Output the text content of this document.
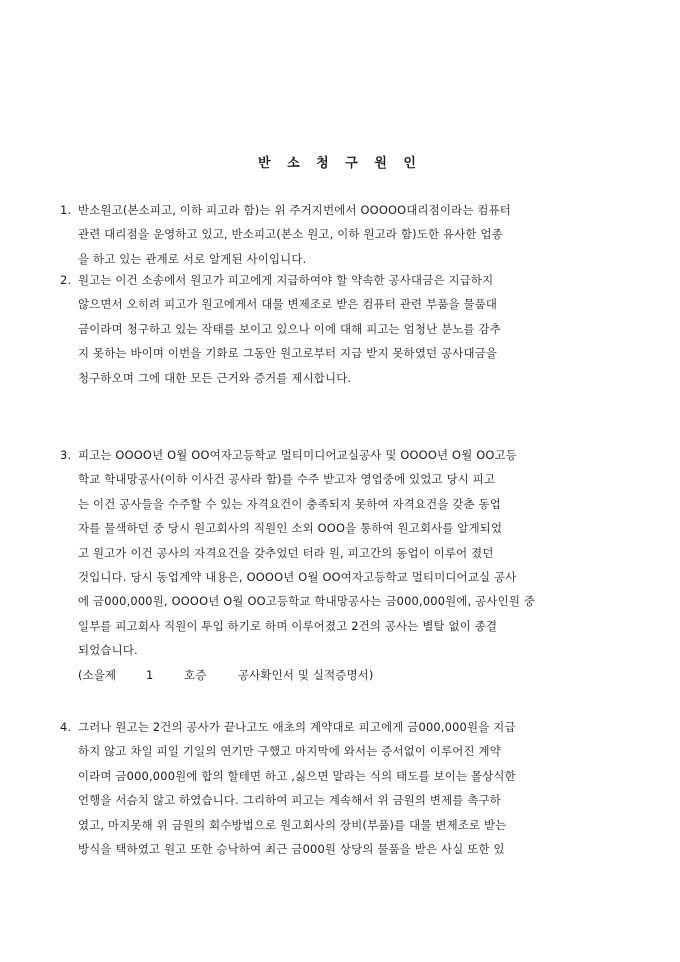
반 소 청 구 원 인
1. 반소원고(본소피고, 이하 피고라 함)는 위 주거지번에서 OOOOO대리점이라는 컴퓨터
관련 대리점을 운영하고 있고, 반소피고(본소 원고, 이하 원고라 함)도한 유사한 업종
을 하고 있는 관계로 서로 알게된 사이입니다.
2. 원고는 이건 소송에서 원고가 피고에게 지급하여야 할 약속한 공사대금은 지급하지
않으면서 오히려 피고가 원고에게서 대물 변제조로 받은 컴퓨터 관련 부품을 물품대
금이라며 청구하고 있는 작태를 보이고 있으나 이에 대해 피고는 엄청난 분노를 감추
지 못하는 바이며 이번을 기화로 그동안 원고로부터 지급 받지 못하였던 공사대금을
청구하오며 그에 대한 모든 근거와 증거를 제시합니다.
3. 피고는 OOOO년 O월 OO여자고등학교 멀티미디어교실공사 및 OOOO년 O월 OO고등
학교 학내망공사(이하 이사건 공사라 함)를 수주 받고자 영업중에 있었고 당시 피고
는 이건 공사들을 수주할 수 있는 자격요건이 충족되지 못하여 자격요건을 갖춘 동업
자를 물색하던 중 당시 원고회사의 직원인 소외 OOO을 통하여 원고회사를 알게되었
고 원고가 이건 공사의 자격요건을 갖추었던 터라 원, 피고간의 동업이 이루어 졌던
것입니다. 당시 동업계약 내용은, OOOO년 O월 OO여자고등학교 멀티미디어교실 공사
에 금000,000원, OOOO년 O월 OO고등학교 학내망공사는 금000,000원에, 공사인원 중
일부를 피고회사 직원이 투입 하기로 하며 이루어졌고 2건의 공사는 별탈 없이 종결
되었습니다.
(소을제	1	호증	공사확인서 및 실적증명서)
4. 그러나 원고는 2건의 공사가 끝나고도 애초의 계약대로 피고에게 금000,000원을 지급
하지 않고 차일 피일 기일의 연기만 구했고 마지막에 와서는 증서없이 이루어진 계약
이라며 금000,000원에 합의 할테면 하고 ,싫으면 말라는 식의 태도를 보이는 몰상식한
언행을 서슴치 않고 하였습니다. 그리하여 피고는 계속해서 위 금원의 변제를 촉구하
였고, 마지못해 위 금원의 회수방법으로 원고회사의 장비(부품)를 대물 변제조로 받는
방식을 택하였고 원고 또한 승낙하여 최근 금000원 상당의 물품을 받은 사실 또한 있
